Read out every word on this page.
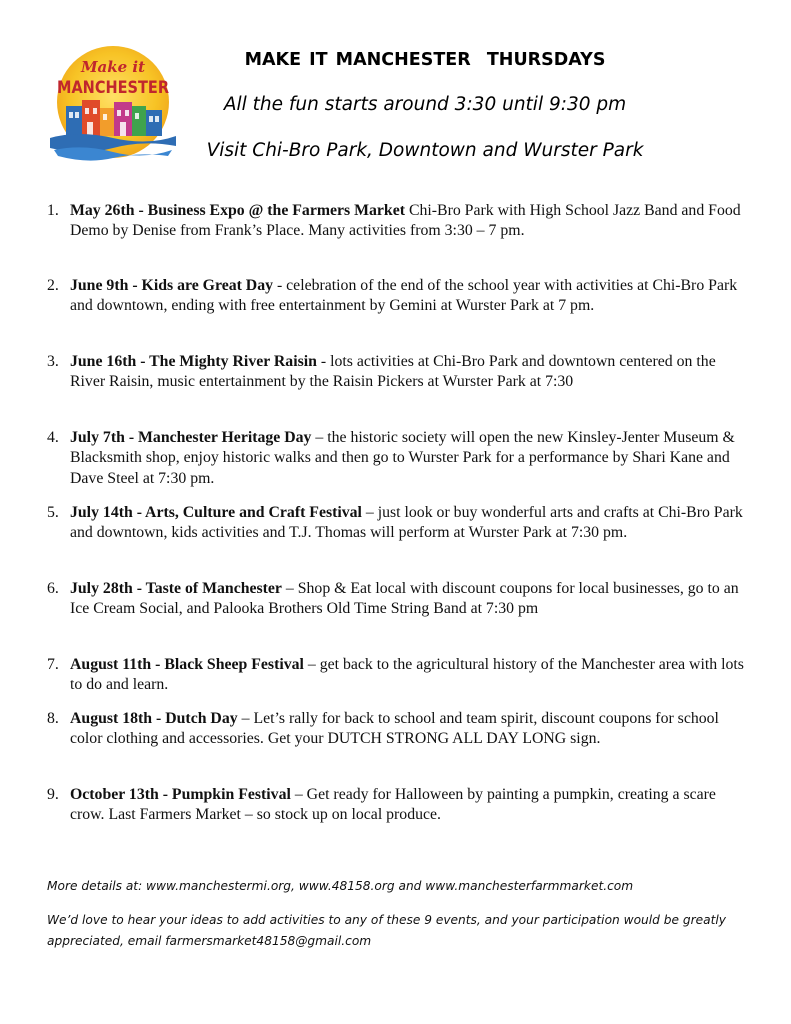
Make it
MANCHESTER
MAKE IT MANCHESTER  THURSDAYS
All the fun starts around 3:30 until 9:30 pm
Visit Chi-Bro Park, Downtown and Wurster Park
1. May 26th - Business Expo @ the Farmers Market Chi-Bro Park with High School Jazz Band and Food Demo by Denise from Frank’s Place. Many activities from 3:30 – 7 pm.
2. June 9th - Kids are Great Day - celebration of the end of the school year with activities at Chi-Bro Park and downtown, ending with free entertainment by Gemini at Wurster Park at 7 pm.
3. June 16th - The Mighty River Raisin - lots activities at Chi-Bro Park and downtown centered on the River Raisin, music entertainment by the Raisin Pickers at Wurster Park at 7:30
4. July 7th - Manchester Heritage Day – the historic society will open the new Kinsley-Jenter Museum & Blacksmith shop, enjoy historic walks and then go to Wurster Park for a performance by Shari Kane and Dave Steel at 7:30 pm.
5. July 14th - Arts, Culture and Craft Festival – just look or buy wonderful arts and crafts at Chi-Bro Park and downtown, kids activities and T.J. Thomas will perform at Wurster Park at 7:30 pm.
6. July 28th - Taste of Manchester – Shop & Eat local with discount coupons for local businesses, go to an Ice Cream Social, and Palooka Brothers Old Time String Band at 7:30 pm
7. August 11th - Black Sheep Festival – get back to the agricultural history of the Manchester area with lots to do and learn.
8. August 18th - Dutch Day – Let’s rally for back to school and team spirit, discount coupons for school color clothing and accessories. Get your DUTCH STRONG ALL DAY LONG sign.
9. October 13th - Pumpkin Festival – Get ready for Halloween by painting a pumpkin, creating a scare crow. Last Farmers Market – so stock up on local produce.
More details at: www.manchestermi.org, www.48158.org and www.manchesterfarmmarket.com
We’d love to hear your ideas to add activities to any of these 9 events, and your participation would be greatly appreciated, email farmersmarket48158@gmail.com
